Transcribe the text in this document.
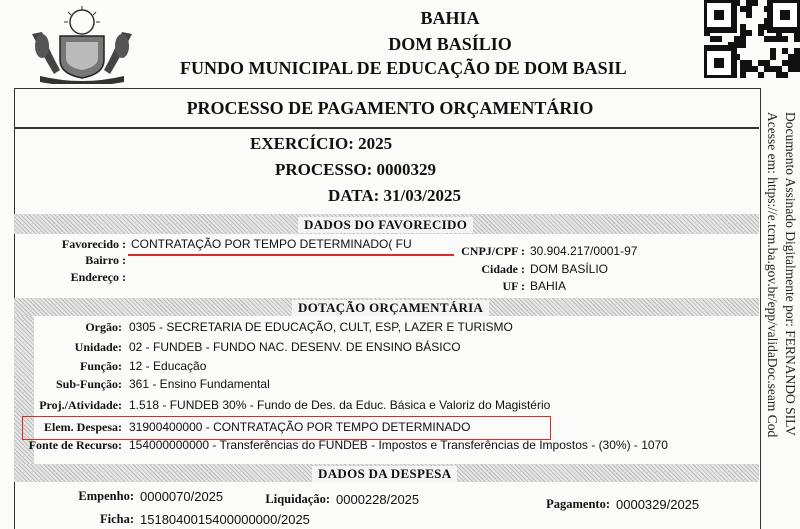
BAHIA
DOM BASÍLIO
FUNDO MUNICIPAL DE EDUCAÇÃO DE DOM BASIL
Documento Assinado Digitalmente por: FERNANDO SILV
Acesse em: https://e.tcm.ba.gov.br/epp/validaDoc.seam Cod
PROCESSO DE PAGAMENTO ORÇAMENTÁRIO
EXERCÍCIO: 2025
PROCESSO: 0000329
DATA: 31/03/2025
DADOS DO FAVORECIDO
Favorecido : CONTRATAÇÃO POR TEMPO DETERMINADO( FU	CNPJ/CPF : 30.904.217/0001-97
Bairro :
Cidade : DOM BASÍLIO
Endereço :
UF : BAHIA
DOTAÇÃO ORÇAMENTÁRIA
Orgão: 0305 - SECRETARIA DE EDUCAÇÃO, CULT, ESP, LAZER E TURISMO
Unidade: 02 - FUNDEB - FUNDO NAC. DESENV. DE ENSINO BÁSICO
Função: 12 - Educação
Sub-Função: 361 - Ensino Fundamental
Proj./Atividade: 1.518 - FUNDEB 30% - Fundo de Des. da Educ. Básica e Valoriz do Magistério
Elem. Despesa: 31900400000 - CONTRATAÇÃO POR TEMPO DETERMINADO
Fonte de Recurso: 154000000000 - Transferências do FUNDEB - Impostos e Transferências de Impostos - (30%) - 1070
DADOS DA DESPESA
Empenho: 0000070/2025	Liquidação: 0000228/2025	Pagamento: 0000329/2025
Ficha: 1518040015400000000/2025
